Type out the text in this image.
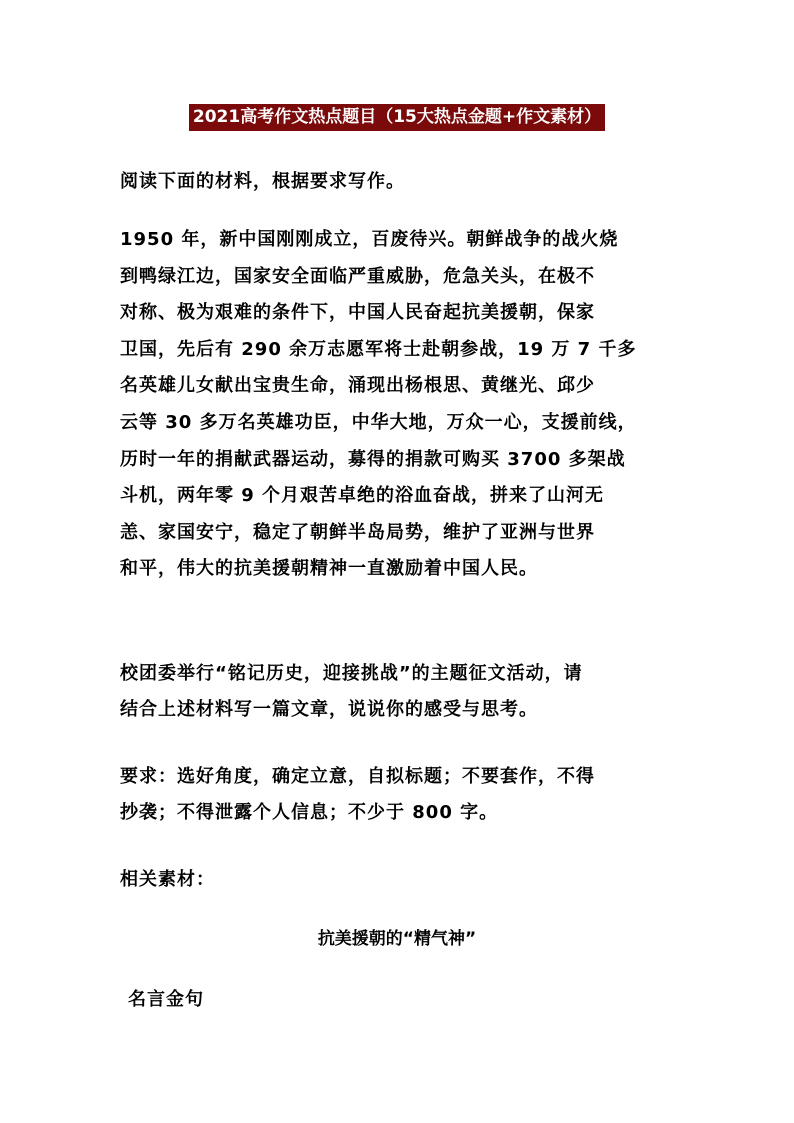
2021高考作文热点题目（15大热点金题+作文素材）
阅读下面的材料，根据要求写作。
1950 年，新中国刚刚成立，百废待兴。朝鲜战争的战火烧
到鸭绿江边，国家安全面临严重威胁，危急关头，在极不
对称、极为艰难的条件下，中国人民奋起抗美援朝，保家
卫国，先后有 290 余万志愿军将士赴朝参战，19 万 7 千多
名英雄儿女献出宝贵生命，涌现出杨根思、黄继光、邱少
云等 30 多万名英雄功臣，中华大地，万众一心，支援前线，
历时一年的捐献武器运动，募得的捐款可购买 3700 多架战
斗机，两年零 9 个月艰苦卓绝的浴血奋战，拼来了山河无
恙、家国安宁，稳定了朝鲜半岛局势，维护了亚洲与世界
和平，伟大的抗美援朝精神一直激励着中国人民。
校团委举行“铭记历史，迎接挑战”的主题征文活动，请
结合上述材料写一篇文章，说说你的感受与思考。
要求：选好角度，确定立意，自拟标题；不要套作，不得
抄袭；不得泄露个人信息；不少于 800 字。
相关素材：
抗美援朝的“精气神”
名言金句
